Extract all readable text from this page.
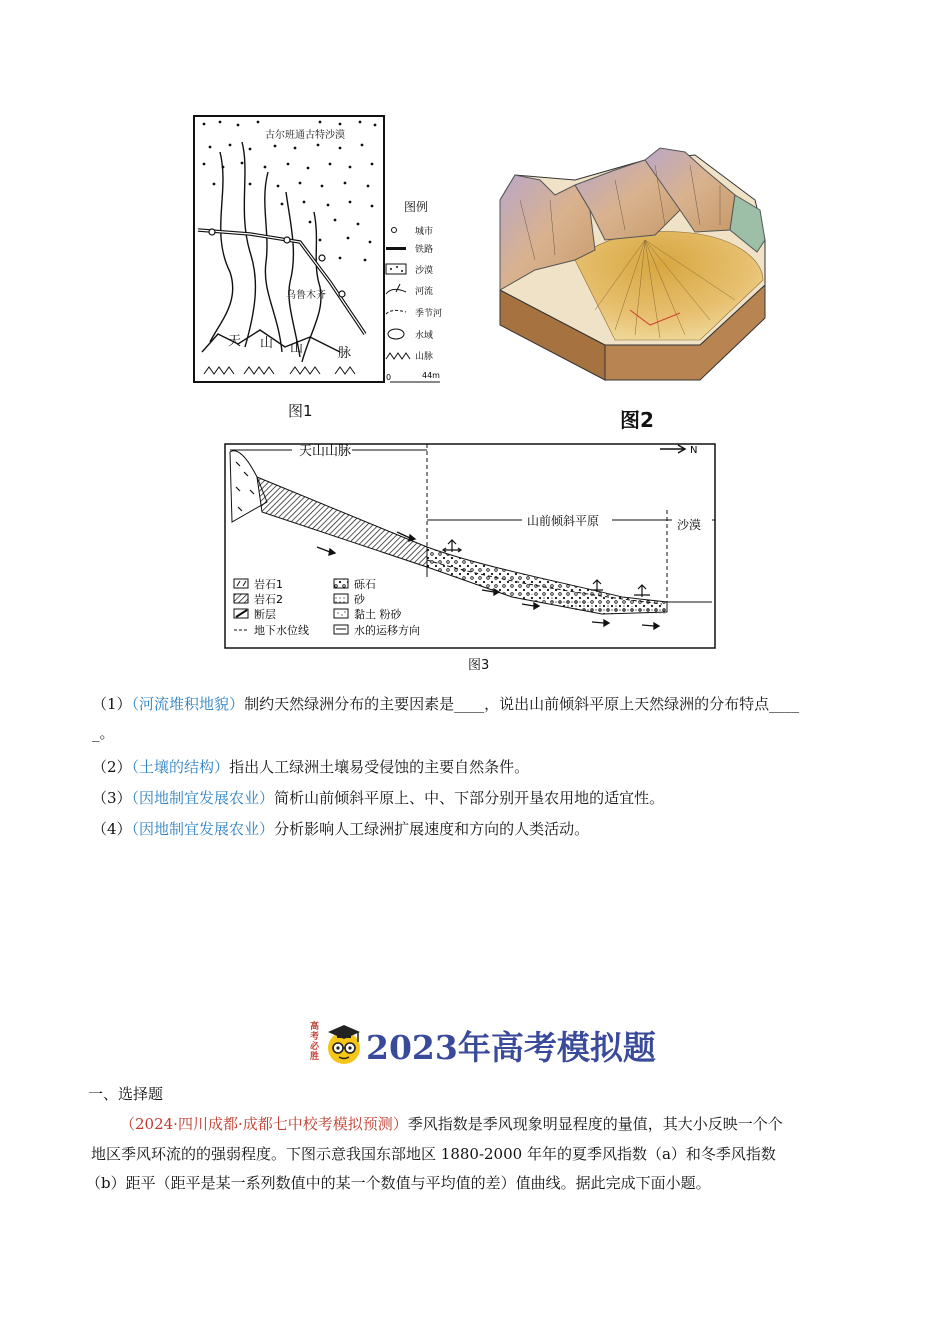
古尔班通古特沙漠
乌鲁木齐
天 山 山	脉
图例
城市
铁路
沙漠
河流
季节河
水域
山脉
0	44m
图1	图2
天山山脉
山前倾斜平原	沙漠
N
岩石1	砾石
岩石2	砂
断层	黏土 粉砂
地下水位线	水的运移方向
图3
（1）（河流堆积地貌）制约天然绿洲分布的主要因素是____，说出山前倾斜平原上天然绿洲的分布特点____
_。
（2）（土壤的结构）指出人工绿洲土壤易受侵蚀的主要自然条件。
（3）（因地制宜发展农业）简析山前倾斜平原上、中、下部分别开垦农用地的适宜性。
（4）（因地制宜发展农业）分析影响人工绿洲扩展速度和方向的人类活动。
高考必胜 2023年高考模拟题
一、选择题
（2024·四川成都·成都七中校考模拟预测）季风指数是季风现象明显程度的量值，其大小反映一个个
地区季风环流的的强弱程度。下图示意我国东部地区 1880-2000 年年的夏季风指数（a）和冬季风指数
（b）距平（距平是某一系列数值中的某一个数值与平均值的差）值曲线。据此完成下面小题。
